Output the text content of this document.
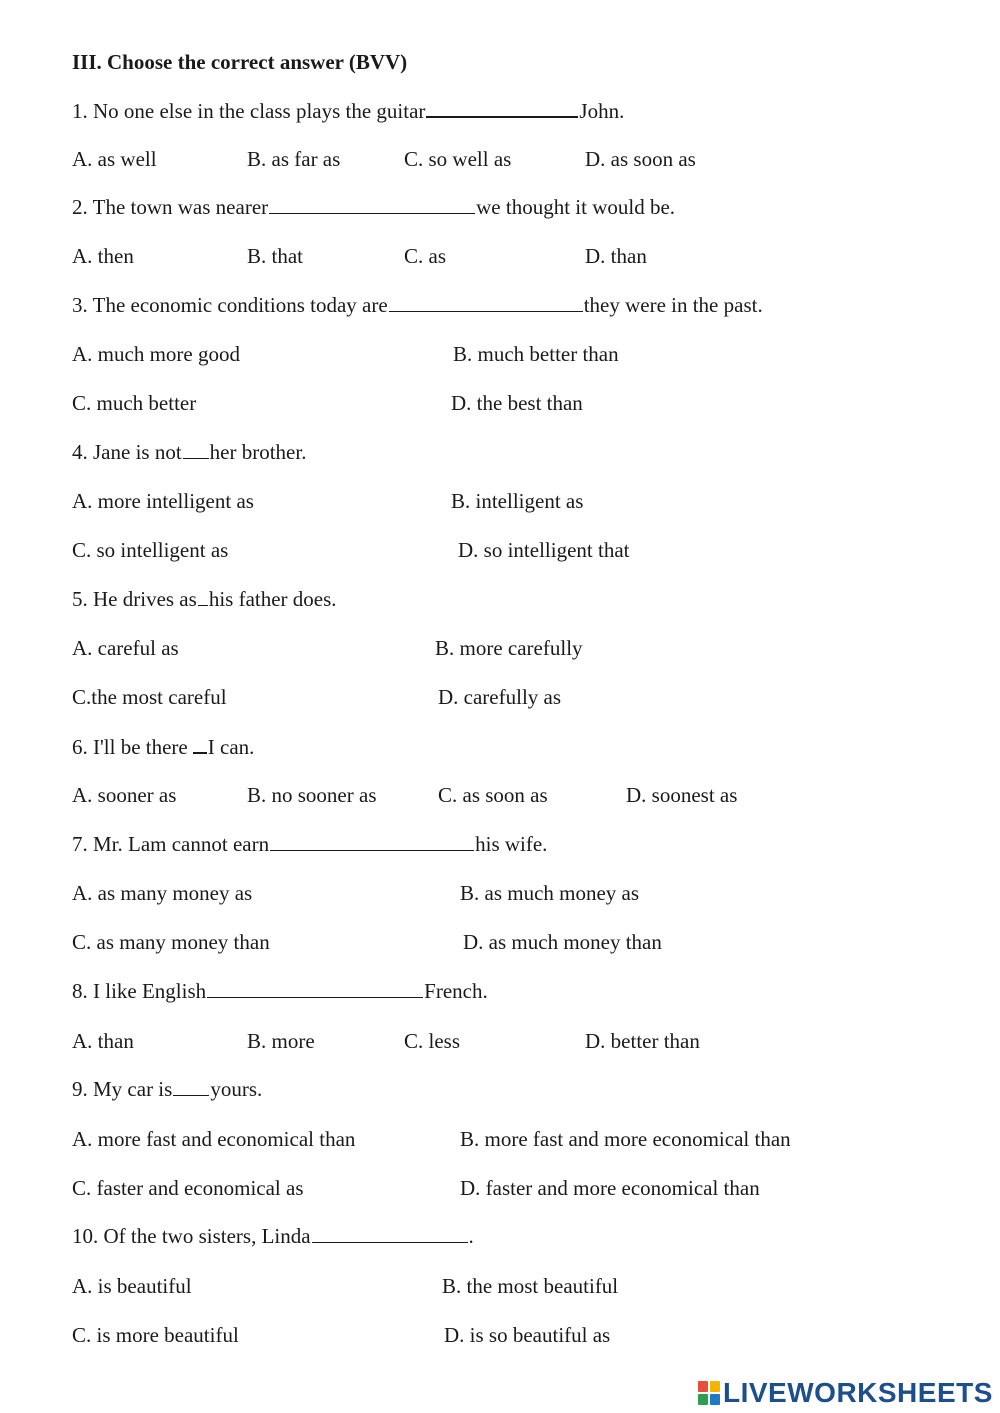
III. Choose the correct answer (BVV)
1. No one else in the class plays the guitar	John.
A. as well	B. as far as	C. so well as	D. as soon as
2. The town was nearer	we thought it would be.
A. then	B. that	C. as	D. than
3. The economic conditions today are	they were in the past.
A. much more good	B. much better than
C. much better	D. the best than
4. Jane is not her brother.
A. more intelligent as	B. intelligent as
C. so intelligent as	D. so intelligent that
5. He drives as his father does.
A. careful as	B. more carefully
C.the most careful	D. carefully as
6. I'll be there I can.
A. sooner as	B. no sooner as	C. as soon as	D. soonest as
7. Mr. Lam cannot earn	his wife.
A. as many money as	B. as much money as
C. as many money than	D. as much money than
8. I like English	French.
A. than	B. more	C. less	D. better than
9. My car is yours.
A. more fast and economical than	B. more fast and more economical than
C. faster and economical as	D. faster and more economical than
10. Of the two sisters, Linda	.
A. is beautiful	B. the most beautiful
C. is more beautiful	D. is so beautiful as
LIVEWORKSHEETS
